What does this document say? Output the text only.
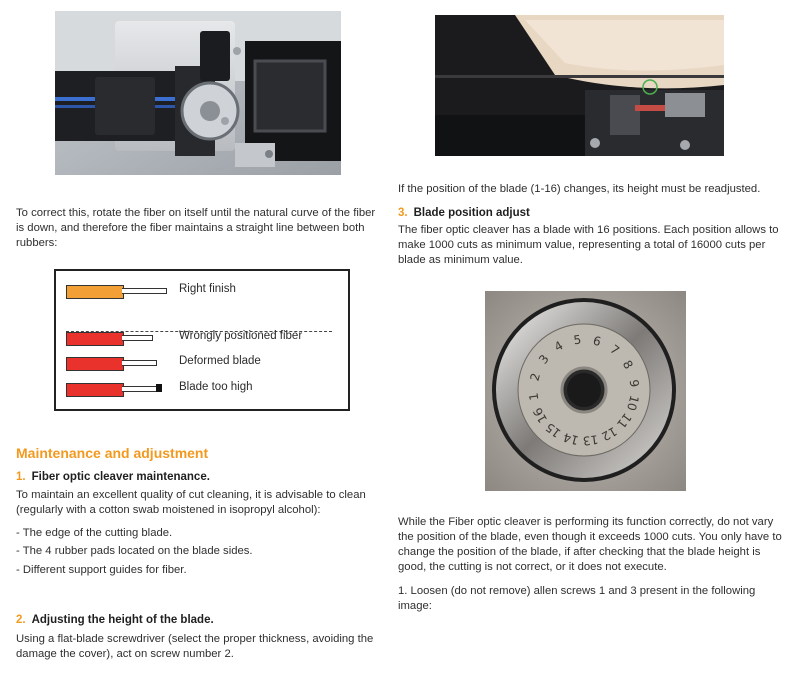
To correct this, rotate the fiber on itself until the natural curve of the fiber is down, and therefore the fiber maintains a straight line between both rubbers:

Right finish
Wrongly positioned fiber
Deformed blade
Blade too high
Maintenance and adjustment
1. Fiber optic cleaver maintenance.

To maintain an excellent quality of cut cleaning, it is advisable to clean (regularly with a cotton swab moistened in isopropyl alcohol):

- The edge of the cutting blade.
- The 4 rubber pads located on the blade sides.
- Different support guides for fiber.
2. Adjusting the height of the blade.

Using a flat-blade screwdriver (select the proper thickness, avoiding the damage the cover), act on screw number 2.

If the position of the blade (1-16) changes, its height must be readjusted.

3. Blade position adjust

The fiber optic cleaver has a blade with 16 positions. Each position allows to make 1000 cuts as minimum value, representing a total of 16000 cuts per blade as minimum value.

4 5 6
7
8
9
10
11
12
13
14
15
16
1
2
3

While the Fiber optic cleaver is performing its function correctly, do not vary the position of the blade, even though it exceeds 1000 cuts. You only have to change the position of the blade, if after checking that the blade height is good, the cutting is not correct, or it does not execute.

1. Loosen (do not remove) allen screws 1 and 3 present in the following image:
